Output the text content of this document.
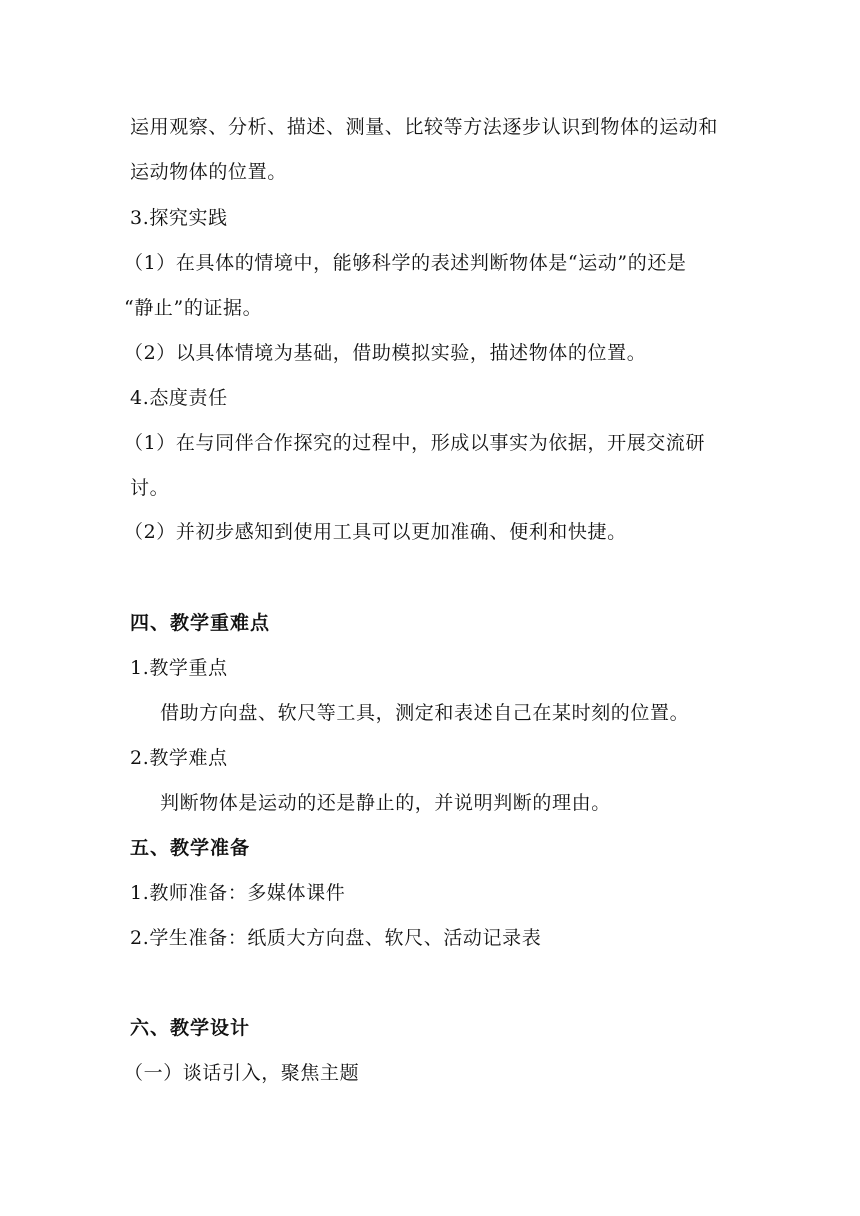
运用观察、分析、描述、测量、比较等方法逐步认识到物体的运动和
运动物体的位置。
3.探究实践
（1）在具体的情境中，能够科学的表述判断物体是“运动”的还是
“静止”的证据。
（2）以具体情境为基础，借助模拟实验，描述物体的位置。
4.态度责任
（1）在与同伴合作探究的过程中，形成以事实为依据，开展交流研
讨。
（2）并初步感知到使用工具可以更加准确、便利和快捷。
四、教学重难点
1.教学重点
借助方向盘、软尺等工具，测定和表述自己在某时刻的位置。
2.教学难点
判断物体是运动的还是静止的，并说明判断的理由。
五、教学准备
1.教师准备：多媒体课件
2.学生准备：纸质大方向盘、软尺、活动记录表
六、教学设计
（一）谈话引入，聚焦主题
